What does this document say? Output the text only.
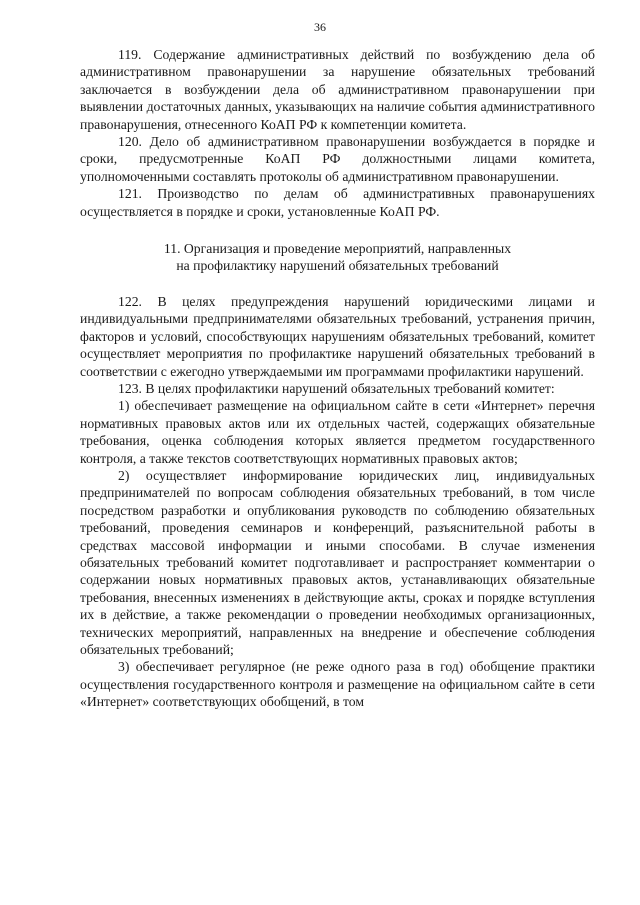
36

119. Содержание административных действий по возбуждению дела об административном правонарушении за нарушение обязательных требований заключается в возбуждении дела об административном правонарушении при выявлении достаточных данных, указывающих на наличие события административного правонарушения, отнесенного КоАП РФ к компетенции комитета.

120. Дело об административном правонарушении возбуждается в порядке и сроки, предусмотренные КоАП РФ должностными лицами комитета, уполномоченными составлять протоколы об административном правонарушении.

121. Производство по делам об административных правонарушениях осуществляется в порядке и сроки, установленные КоАП РФ.

11. Организация и проведение мероприятий, направленных
на профилактику нарушений обязательных требований

122. В целях предупреждения нарушений юридическими лицами и индивидуальными предпринимателями обязательных требований, устранения причин, факторов и условий, способствующих нарушениям обязательных требований, комитет осуществляет мероприятия по профилактике нарушений обязательных требований в соответствии с ежегодно утверждаемыми им программами профилактики нарушений.

123. В целях профилактики нарушений обязательных требований комитет:

1) обеспечивает размещение на официальном сайте в сети «Интернет» перечня нормативных правовых актов или их отдельных частей, содержащих обязательные требования, оценка соблюдения которых является предметом государственного контроля, а также текстов соответствующих нормативных правовых актов;

2) осуществляет информирование юридических лиц, индивидуальных предпринимателей по вопросам соблюдения обязательных требований, в том числе посредством разработки и опубликования руководств по соблюдению обязательных требований, проведения семинаров и конференций, разъяснительной работы в средствах массовой информации и иными способами. В случае изменения обязательных требований комитет подготавливает и распространяет комментарии о содержании новых нормативных правовых актов, устанавливающих обязательные требования, внесенных изменениях в действующие акты, сроках и порядке вступления их в действие, а также рекомендации о проведении необходимых организационных, технических мероприятий, направленных на внедрение и обеспечение соблюдения обязательных требований;

3) обеспечивает регулярное (не реже одного раза в год) обобщение практики осуществления государственного контроля и размещение на официальном сайте в сети «Интернет» соответствующих обобщений, в том
